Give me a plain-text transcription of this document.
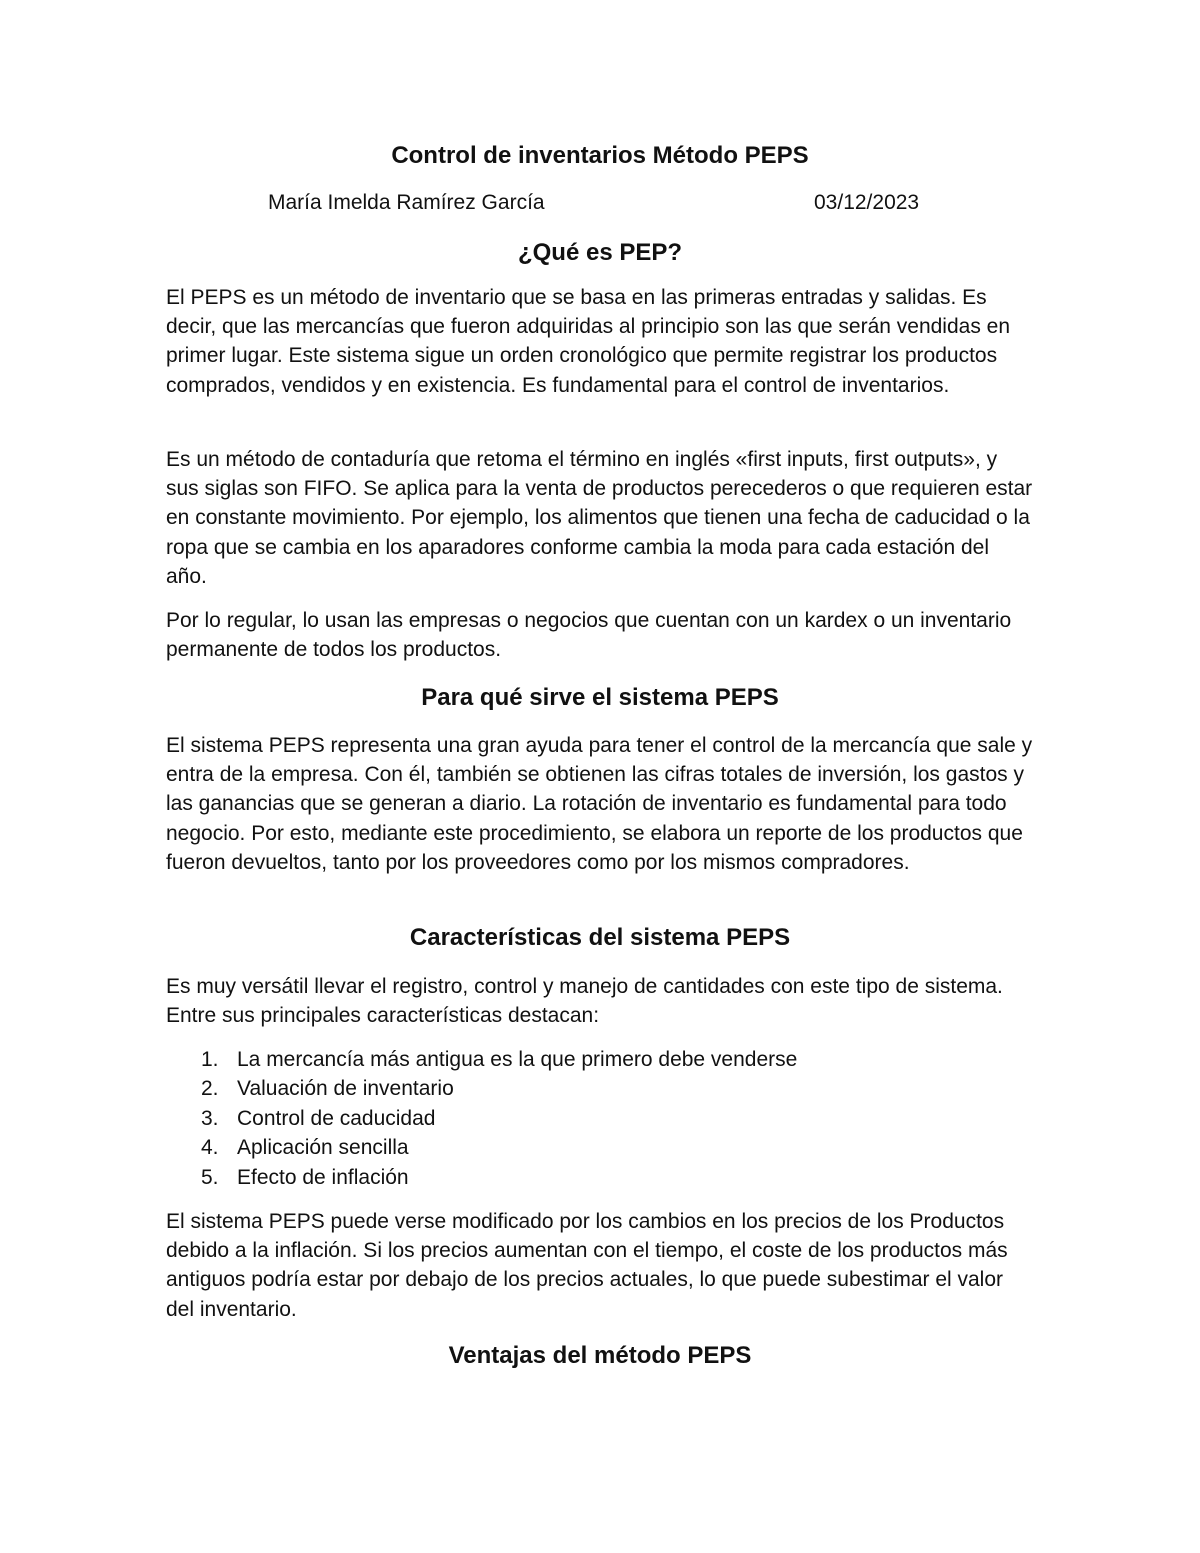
Control de inventarios Método PEPS
María Imelda Ramírez García	03/12/2023
¿Qué es PEP?

El PEPS es un método de inventario que se basa en las primeras entradas y salidas. Es decir, que las mercancías que fueron adquiridas al principio son las que serán vendidas en primer lugar. Este sistema sigue un orden cronológico que permite registrar los productos comprados, vendidos y en existencia. Es fundamental para el control de inventarios.

Es un método de contaduría que retoma el término en inglés «first inputs, first outputs», y sus siglas son FIFO. Se aplica para la venta de productos perecederos o que requieren estar en constante movimiento. Por ejemplo, los alimentos que tienen una fecha de caducidad o la ropa que se cambia en los aparadores conforme cambia la moda para cada estación del año.

Por lo regular, lo usan las empresas o negocios que cuentan con un kardex o un inventario permanente de todos los productos.

Para qué sirve el sistema PEPS

El sistema PEPS representa una gran ayuda para tener el control de la mercancía que sale y entra de la empresa. Con él, también se obtienen las cifras totales de inversión, los gastos y las ganancias que se generan a diario. La rotación de inventario es fundamental para todo negocio. Por esto, mediante este procedimiento, se elabora un reporte de los productos que fueron devueltos, tanto por los proveedores como por los mismos compradores.

Características del sistema PEPS

Es muy versátil llevar el registro, control y manejo de cantidades con este tipo de sistema. Entre sus principales características destacan:

1. La mercancía más antigua es la que primero debe venderse
2. Valuación de inventario
3. Control de caducidad
4. Aplicación sencilla
5. Efecto de inflación

El sistema PEPS puede verse modificado por los cambios en los precios de los Productos debido a la inflación. Si los precios aumentan con el tiempo, el coste de los productos más antiguos podría estar por debajo de los precios actuales, lo que puede subestimar el valor del inventario.

Ventajas del método PEPS
